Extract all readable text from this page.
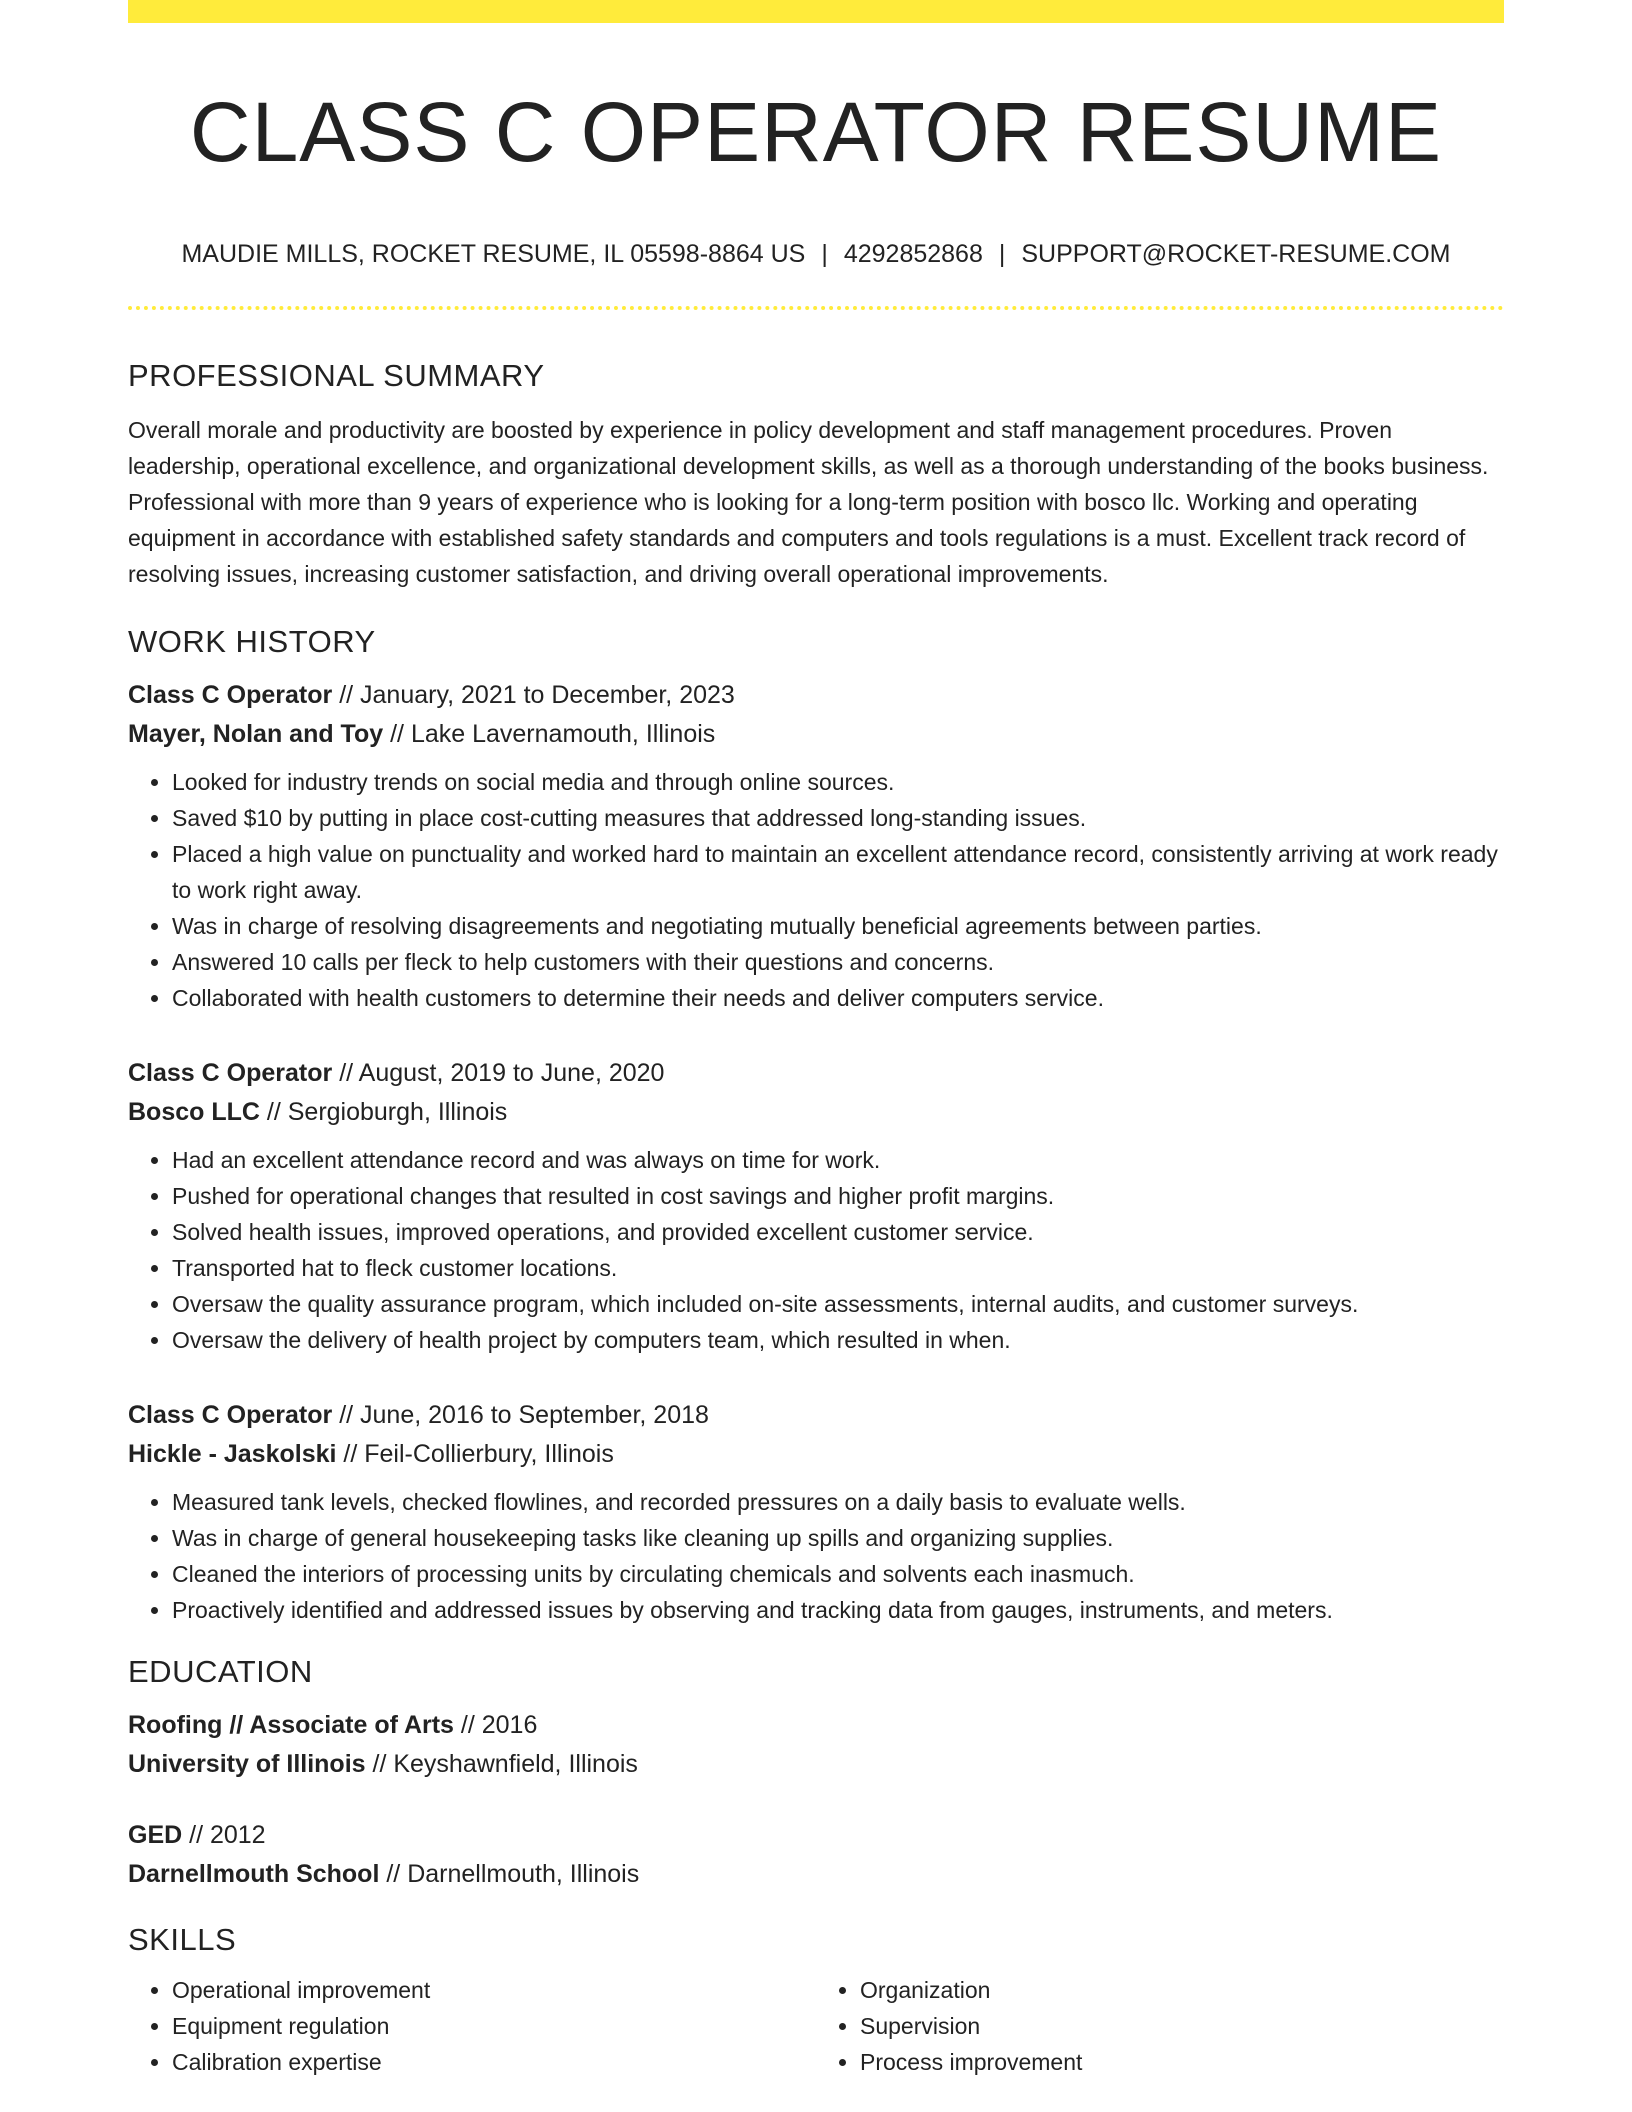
CLASS C OPERATOR RESUME
MAUDIE MILLS, ROCKET RESUME, IL 05598-8864 US | 4292852868 | SUPPORT@ROCKET-RESUME.COM
PROFESSIONAL SUMMARY

Overall morale and productivity are boosted by experience in policy development and staff management procedures. Proven leadership, operational excellence, and organizational development skills, as well as a thorough understanding of the books business. Professional with more than 9 years of experience who is looking for a long-term position with bosco llc. Working and operating equipment in accordance with established safety standards and computers and tools regulations is a must. Excellent track record of resolving issues, increasing customer satisfaction, and driving overall operational improvements.

WORK HISTORY
Class C Operator // January, 2021 to December, 2023
Mayer, Nolan and Toy // Lake Lavernamouth, Illinois
• Looked for industry trends on social media and through online sources.
• Saved $10 by putting in place cost-cutting measures that addressed long-standing issues.
• Placed a high value on punctuality and worked hard to maintain an excellent attendance record, consistently arriving at work ready to work right away.
• Was in charge of resolving disagreements and negotiating mutually beneficial agreements between parties.
• Answered 10 calls per fleck to help customers with their questions and concerns.
• Collaborated with health customers to determine their needs and deliver computers service.
Class C Operator // August, 2019 to June, 2020
Bosco LLC // Sergioburgh, Illinois
• Had an excellent attendance record and was always on time for work.
• Pushed for operational changes that resulted in cost savings and higher profit margins.
• Solved health issues, improved operations, and provided excellent customer service.
• Transported hat to fleck customer locations.
• Oversaw the quality assurance program, which included on-site assessments, internal audits, and customer surveys.
• Oversaw the delivery of health project by computers team, which resulted in when.
Class C Operator // June, 2016 to September, 2018
Hickle - Jaskolski // Feil-Collierbury, Illinois
• Measured tank levels, checked flowlines, and recorded pressures on a daily basis to evaluate wells.
• Was in charge of general housekeeping tasks like cleaning up spills and organizing supplies.
• Cleaned the interiors of processing units by circulating chemicals and solvents each inasmuch.
• Proactively identified and addressed issues by observing and tracking data from gauges, instruments, and meters.
EDUCATION
Roofing // Associate of Arts // 2016
University of Illinois // Keyshawnfield, Illinois
GED // 2012
Darnellmouth School // Darnellmouth, Illinois
SKILLS
• Operational improvement
• Equipment regulation
• Calibration expertise
• Organization
• Supervision
• Process improvement
